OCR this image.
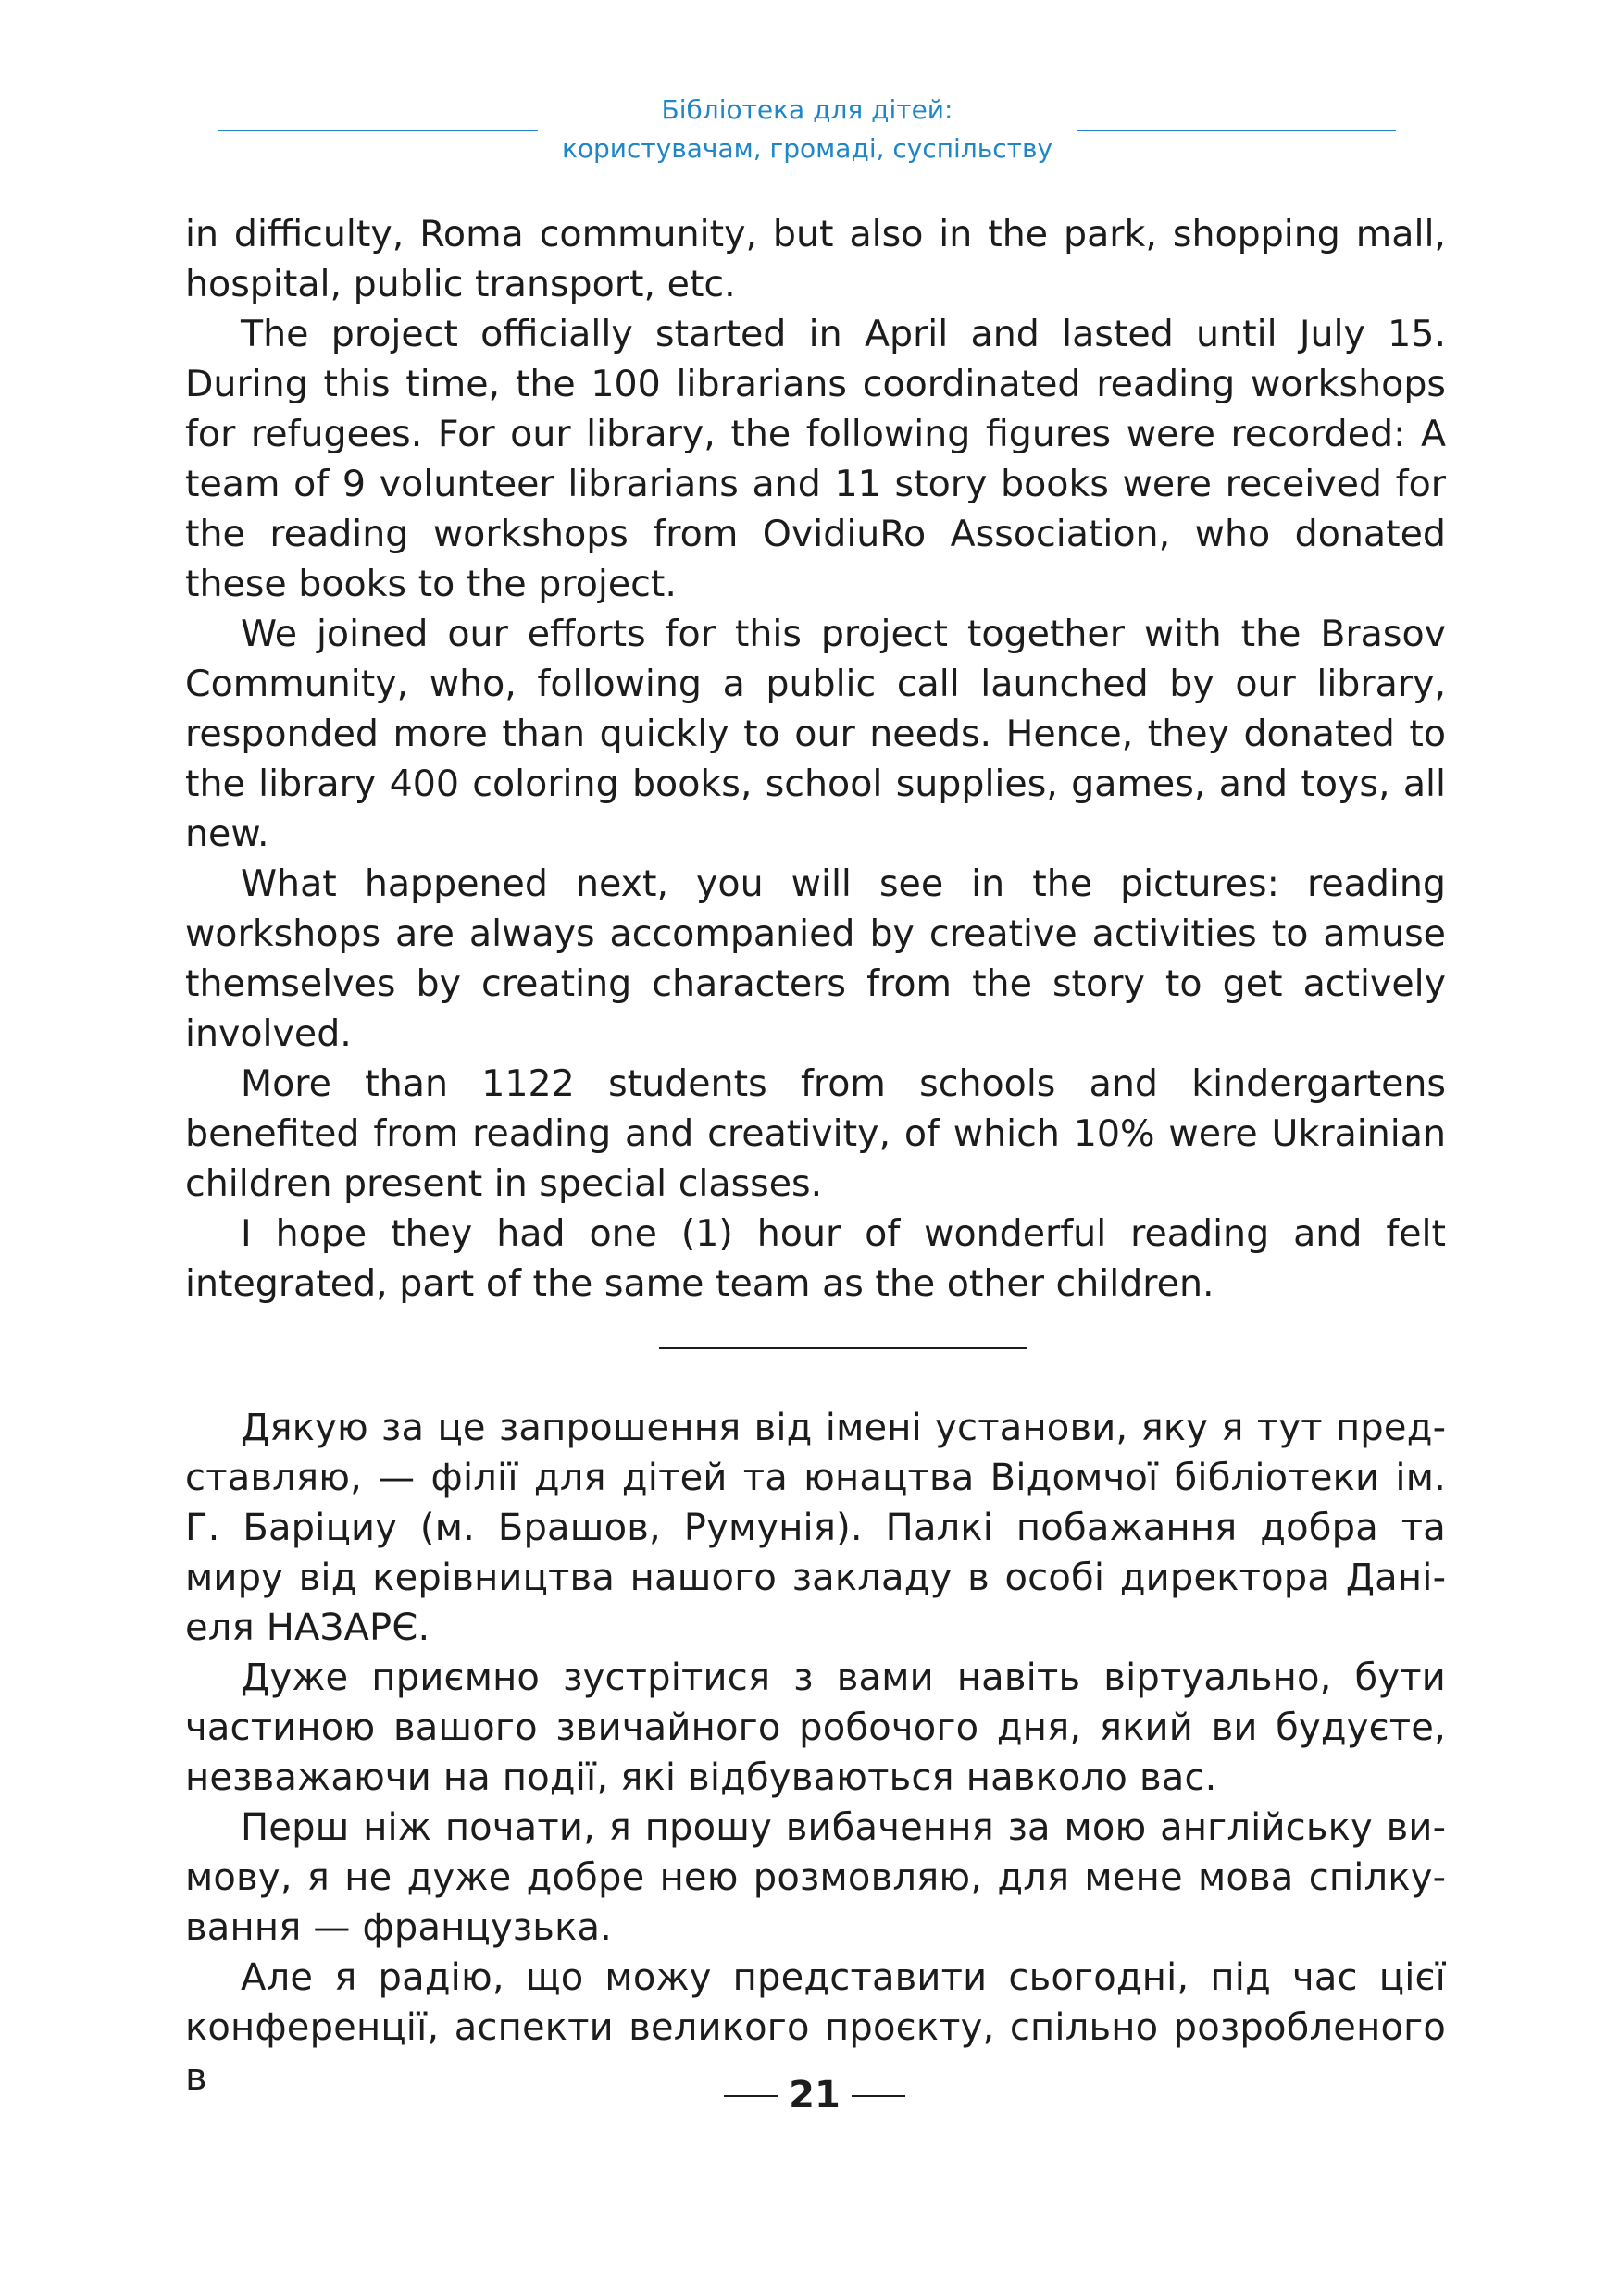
Бібліотека для дітей:
користувачам, громаді, суспільству

in difficulty, Roma community, but also in the park, shopping mall, hospital, public transport, etc.

The project officially started in April and lasted until July 15. During this time, the 100 librarians coordinated reading workshops for refugees. For our library, the following figures were recorded: A team of 9 volunteer librarians and 11 story books were received for the reading workshops from OvidiuRo Association, who donated these books to the project.

We joined our efforts for this project together with the Brasov Community, who, following a public call launched by our library, responded more than quickly to our needs. Hence, they donated to the library 400 coloring books, school supplies, games, and toys, all new.

What happened next, you will see in the pictures: reading workshops are always accompanied by creative activities to amuse themselves by creating characters from the story to get actively involved.

More than 1122 students from schools and kindergartens benefited from reading and creativity, of which 10% were Ukrainian children present in special classes.

I hope they had one (1) hour of wonderful reading and felt integrated, part of the same team as the other children.

Дякую за це запрошення від імені установи, яку я тут представляю, — філії для дітей та юнацтва Відомчої бібліотеки ім. Г. Баріциу (м. Брашов, Румунія). Палкі побажання добра та миру від керівництва нашого закладу в особі директора Даніеля НАЗАРЄ.

Дуже приємно зустрітися з вами навіть віртуально, бути частиною вашого звичайного робочого дня, який ви будуєте, незважаючи на події, які відбуваються навколо вас.

Перш ніж почати, я прошу вибачення за мою англійську вимову, я не дуже добре нею розмовляю, для мене мова спілкування — французька.

Але я радію, що можу представити сьогодні, під час цієї конференції, аспекти великого проєкту, спільно розробленого в	21
